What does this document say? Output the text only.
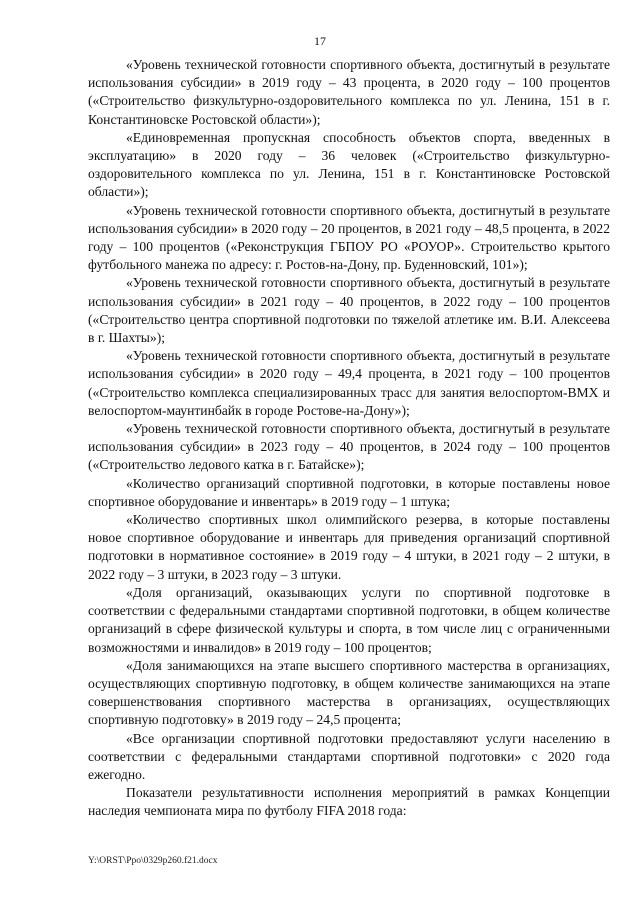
17

«Уровень технической готовности спортивного объекта, достигнутый в результате использования субсидии» в 2019 году – 43 процента, в 2020 году – 100 процентов («Строительство физкультурно-оздоровительного комплекса по ул. Ленина, 151 в г. Константиновске Ростовской области»);

«Единовременная пропускная способность объектов спорта, введенных в эксплуатацию» в 2020 году – 36 человек («Строительство физкультурно-оздоровительного комплекса по ул. Ленина, 151 в г. Константиновске Ростовской области»);

«Уровень технической готовности спортивного объекта, достигнутый в результате использования субсидии» в 2020 году – 20 процентов, в 2021 году – 48,5 процента, в 2022 году – 100 процентов («Реконструкция ГБПОУ РО «РОУОР». Строительство крытого футбольного манежа по адресу: г. Ростов-на-Дону, пр. Буденновский, 101»);

«Уровень технической готовности спортивного объекта, достигнутый в результате использования субсидии» в 2021 году – 40 процентов, в 2022 году – 100 процентов («Строительство центра спортивной подготовки по тяжелой атлетике им. В.И. Алексеева в г. Шахты»);

«Уровень технической готовности спортивного объекта, достигнутый в результате использования субсидии» в 2020 году – 49,4 процента, в 2021 году – 100 процентов («Строительство комплекса специализированных трасс для занятия велоспортом-BMX и велоспортом-маунтинбайк в городе Ростове-на-Дону»);

«Уровень технической готовности спортивного объекта, достигнутый в результате использования субсидии» в 2023 году – 40 процентов, в 2024 году – 100 процентов («Строительство ледового катка в г. Батайске»);

«Количество организаций спортивной подготовки, в которые поставлены новое спортивное оборудование и инвентарь» в 2019 году – 1 штука;

«Количество спортивных школ олимпийского резерва, в которые поставлены новое спортивное оборудование и инвентарь для приведения организаций спортивной подготовки в нормативное состояние» в 2019 году – 4 штуки, в 2021 году – 2 штуки, в 2022 году – 3 штуки, в 2023 году – 3 штуки.

«Доля организаций, оказывающих услуги по спортивной подготовке в соответствии с федеральными стандартами спортивной подготовки, в общем количестве организаций в сфере физической культуры и спорта, в том числе лиц с ограниченными возможностями и инвалидов» в 2019 году – 100 процентов;

«Доля занимающихся на этапе высшего спортивного мастерства в организациях, осуществляющих спортивную подготовку, в общем количестве занимающихся на этапе совершенствования спортивного мастерства в организациях, осуществляющих спортивную подготовку» в 2019 году – 24,5 процента;

«Все организации спортивной подготовки предоставляют услуги населению в соответствии с федеральными стандартами спортивной подготовки» с 2020 года ежегодно.

Показатели результативности исполнения мероприятий в рамках Концепции наследия чемпионата мира по футболу FIFA 2018 года:

Y:\ORST\Ppo\0329p260.f21.docx
